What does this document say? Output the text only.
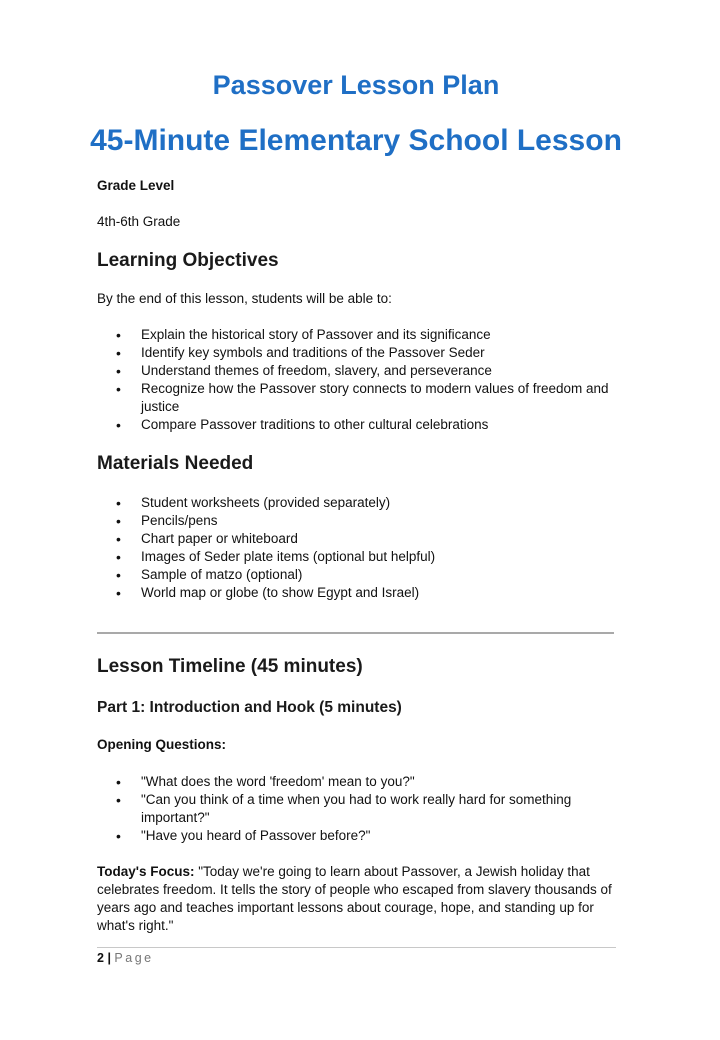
Passover Lesson Plan
45-Minute Elementary School Lesson

Grade Level

4th-6th Grade

Learning Objectives

By the end of this lesson, students will be able to:

• Explain the historical story of Passover and its significance
• Identify key symbols and traditions of the Passover Seder
• Understand themes of freedom, slavery, and perseverance
• Recognize how the Passover story connects to modern values of freedom and justice
• Compare Passover traditions to other cultural celebrations
Materials Needed
• Student worksheets (provided separately)
• Pencils/pens
• Chart paper or whiteboard
• Images of Seder plate items (optional but helpful)
• Sample of matzo (optional)
• World map or globe (to show Egypt and Israel)
Lesson Timeline (45 minutes)
Part 1: Introduction and Hook (5 minutes)

Opening Questions:

• "What does the word 'freedom' mean to you?"
• "Can you think of a time when you had to work really hard for something important?"
• "Have you heard of Passover before?"

Today's Focus: "Today we're going to learn about Passover, a Jewish holiday that celebrates freedom. It tells the story of people who escaped from slavery thousands of years ago and teaches important lessons about courage, hope, and standing up for what's right."

2 | Page
